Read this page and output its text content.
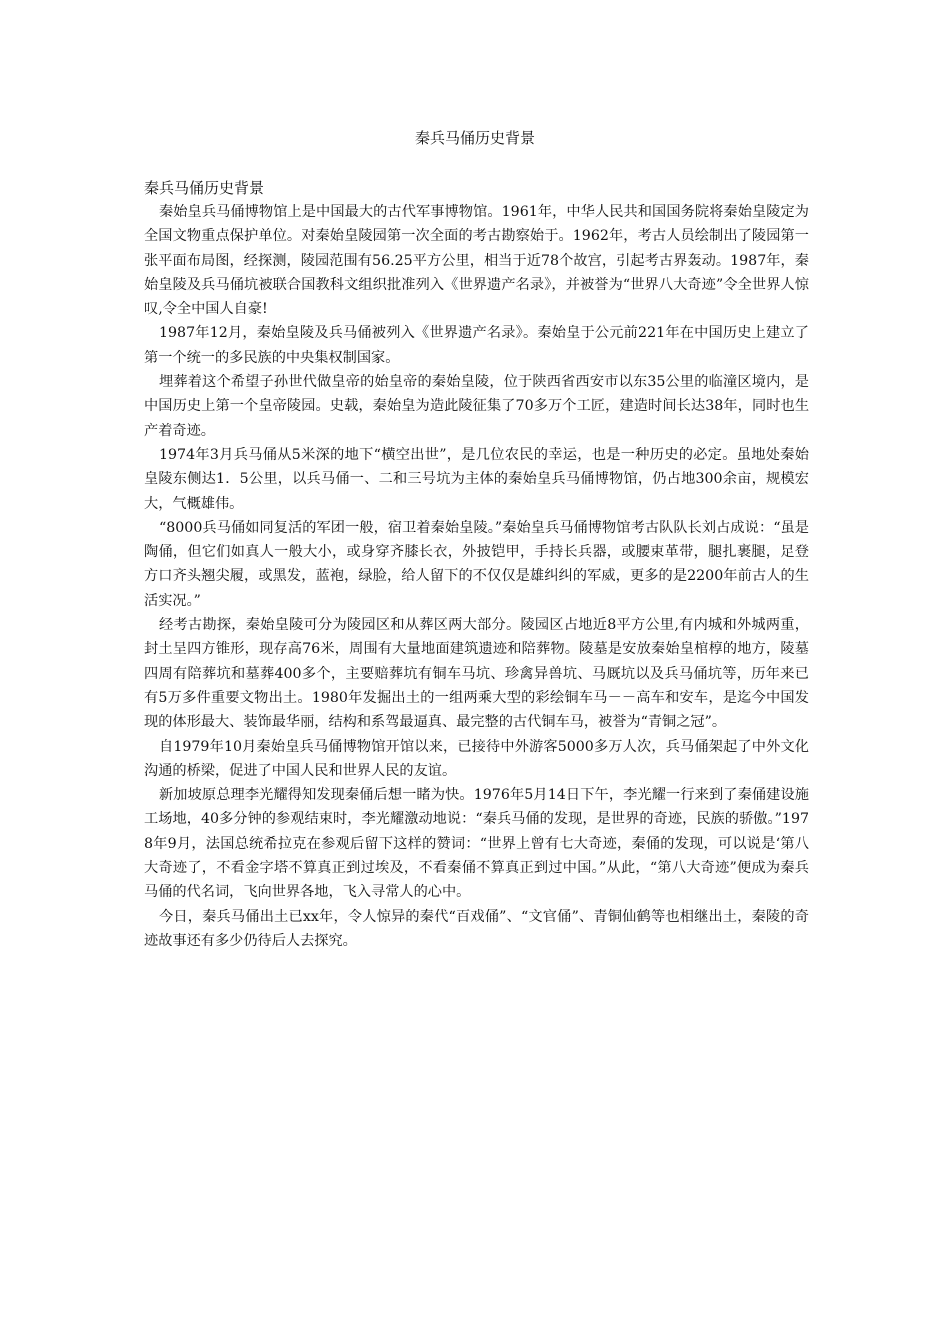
秦兵马俑历史背景

秦兵马俑历史背景

秦始皇兵马俑博物馆上是中国最大的古代军事博物馆。1961年，中华人民共和国国务院将秦始皇陵定为全国文物重点保护单位。对秦始皇陵园第一次全面的考古勘察始于。1962年，考古人员绘制出了陵园第一张平面布局图，经探测，陵园范围有56.25平方公里，相当于近78个故宫，引起考古界轰动。1987年，秦始皇陵及兵马俑坑被联合国教科文组织批准列入《世界遗产名录》，并被誉为“世界八大奇迹”令全世界人惊叹,令全中国人自豪!

1987年12月，秦始皇陵及兵马俑被列入《世界遗产名录》。秦始皇于公元前221年在中国历史上建立了第一个统一的多民族的中央集权制国家。

埋葬着这个希望子孙世代做皇帝的始皇帝的秦始皇陵，位于陕西省西安市以东35公里的临潼区境内，是中国历史上第一个皇帝陵园。史载，秦始皇为造此陵征集了70多万个工匠，建造时间长达38年，同时也生产着奇迹。

1974年3月兵马俑从5米深的地下“横空出世”，是几位农民的幸运，也是一种历史的必定。虽地处秦始皇陵东侧达1．5公里，以兵马俑一、二和三号坑为主体的秦始皇兵马俑博物馆，仍占地300余亩，规模宏大，气概雄伟。

“8000兵马俑如同复活的军团一般，宿卫着秦始皇陵。”秦始皇兵马俑博物馆考古队队长刘占成说：“虽是陶俑，但它们如真人一般大小，或身穿齐膝长衣，外披铠甲，手持长兵器，或腰束革带，腿扎裹腿，足登方口齐头翘尖履，或黑发，蓝袍，绿脸，给人留下的不仅仅是雄纠纠的军威，更多的是2200年前古人的生活实况。”

经考古勘探，秦始皇陵可分为陵园区和从葬区两大部分。陵园区占地近8平方公里,有内城和外城两重，封土呈四方锥形，现存高76米，周围有大量地面建筑遗迹和陪葬物。陵墓是安放秦始皇棺椁的地方，陵墓四周有陪葬坑和墓葬400多个，主要赔葬坑有铜车马坑、珍禽异兽坑、马厩坑以及兵马俑坑等，历年来已有5万多件重要文物出土。1980年发掘出土的一组两乘大型的彩绘铜车马－－高车和安车，是迄今中国发现的体形最大、装饰最华丽，结构和系驾最逼真、最完整的古代铜车马，被誉为“青铜之冠”。

自1979年10月秦始皇兵马俑博物馆开馆以来，已接待中外游客5000多万人次，兵马俑架起了中外文化沟通的桥梁，促进了中国人民和世界人民的友谊。

新加坡原总理李光耀得知发现秦俑后想一睹为快。1976年5月14日下午，李光耀一行来到了秦俑建设施工场地，40多分钟的参观结束时，李光耀激动地说：“秦兵马俑的发现，是世界的奇迹，民族的骄傲。”1978年9月，法国总统希拉克在参观后留下这样的赞词：“世界上曾有七大奇迹，秦俑的发现，可以说是‘第八大奇迹了，不看金字塔不算真正到过埃及，不看秦俑不算真正到过中国。”从此，“第八大奇迹”便成为秦兵马俑的代名词，飞向世界各地，飞入寻常人的心中。

今日，秦兵马俑出土已xx年，令人惊异的秦代“百戏俑”、“文官俑”、青铜仙鹤等也相继出土，秦陵的奇迹故事还有多少仍待后人去探究。
